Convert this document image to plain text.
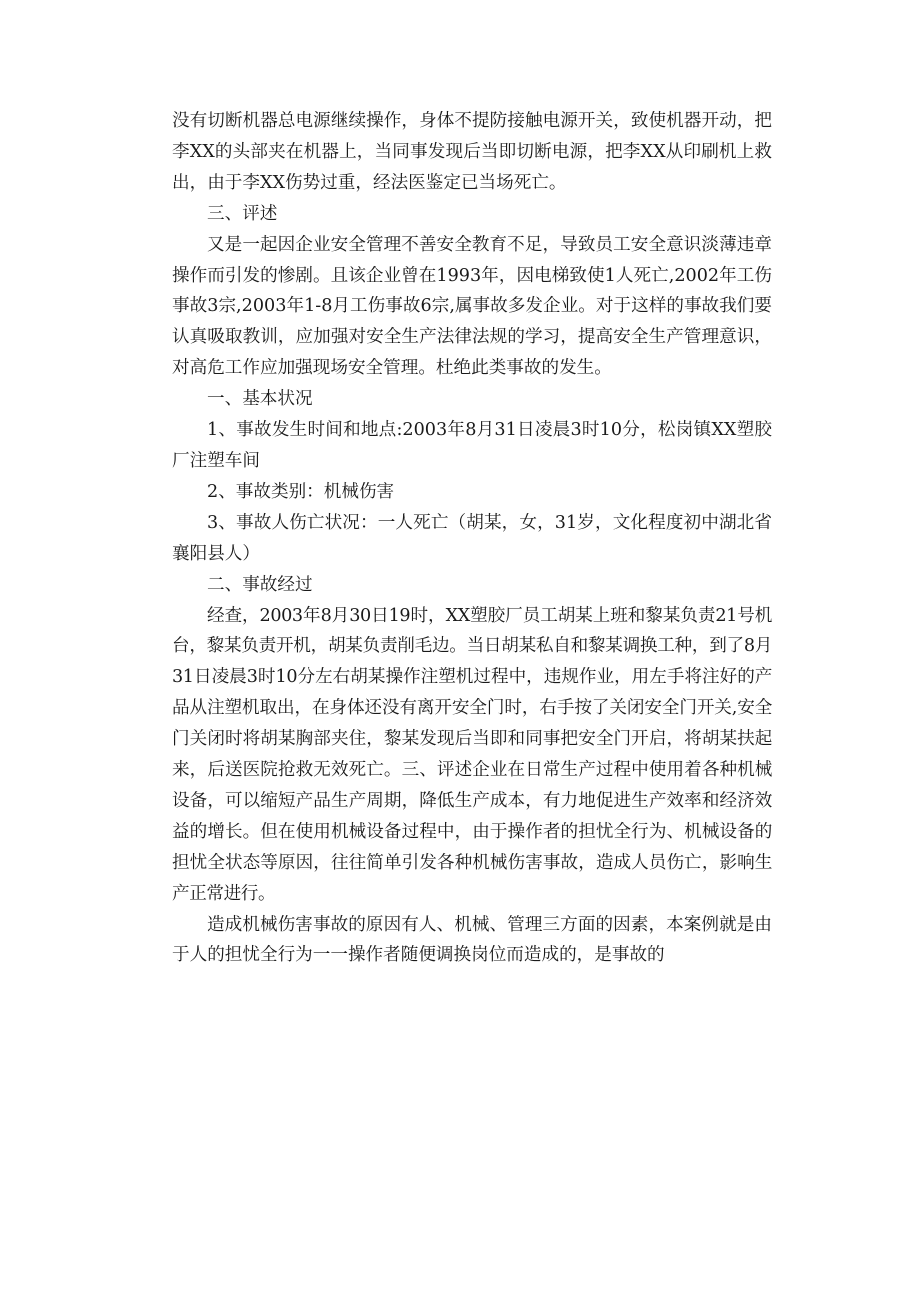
没有切断机器总电源继续操作，身体不提防接触电源开关，致使机器开动，把李XX的头部夹在机器上，当同事发现后当即切断电源，把李XX从印刷机上救出，由于李XX伤势过重，经法医鉴定已当场死亡。

三、评述

又是一起因企业安全管理不善安全教育不足，导致员工安全意识淡薄违章操作而引发的惨剧。且该企业曾在1993年，因电梯致使1人死亡,2002年工伤事故3宗,2003年1-8月工伤事故6宗,属事故多发企业。对于这样的事故我们要认真吸取教训，应加强对安全生产法律法规的学习，提高安全生产管理意识，对高危工作应加强现场安全管理。杜绝此类事故的发生。

一、基本状况

1、事故发生时间和地点:2003年8月31日凌晨3时10分，松岗镇XX塑胶厂注塑车间

2、事故类别：机械伤害

3、事故人伤亡状况：一人死亡（胡某，女，31岁，文化程度初中湖北省襄阳县人）

二、事故经过

经查，2003年8月30日19时，XX塑胶厂员工胡某上班和黎某负责21号机台，黎某负责开机，胡某负责削毛边。当日胡某私自和黎某调换工种，到了8月31日凌晨3时10分左右胡某操作注塑机过程中，违规作业，用左手将注好的产品从注塑机取出，在身体还没有离开安全门时，右手按了关闭安全门开关,安全门关闭时将胡某胸部夹住，黎某发现后当即和同事把安全门开启，将胡某扶起来，后送医院抢救无效死亡。三、评述企业在日常生产过程中使用着各种机械设备，可以缩短产品生产周期，降低生产成本，有力地促进生产效率和经济效益的增长。但在使用机械设备过程中，由于操作者的担忧全行为、机械设备的担忧全状态等原因，往往简单引发各种机械伤害事故，造成人员伤亡，影响生产正常进行。

造成机械伤害事故的原因有人、机械、管理三方面的因素，本案例就是由于人的担忧全行为一一操作者随便调换岗位而造成的，是事故的
